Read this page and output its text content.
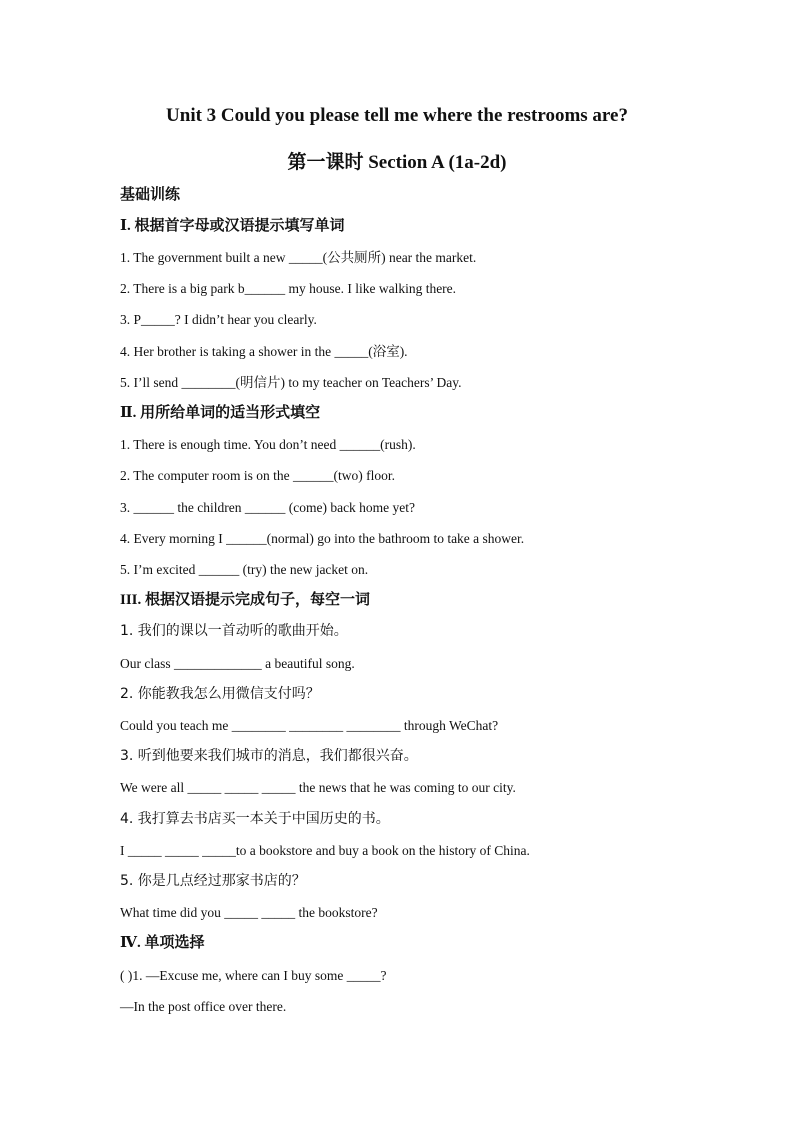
Unit 3 Could you please tell me where the restrooms are?
第一课时 Section A (1a-2d)
基础训练
Ⅰ. 根据首字母或汉语提示填写单词
1. The government built a new _____(公共厕所) near the market.
2. There is a big park b______ my house. I like walking there.
3. P_____? I didn’t hear you clearly.
4. Her brother is taking a shower in the _____(浴室).
5. I’ll send ________(明信片) to my teacher on Teachers’ Day.
Ⅱ. 用所给单词的适当形式填空
1. There is enough time. You don’t need ______(rush).
2. The computer room is on the ______(two) floor.
3. ______ the children ______ (come) back home yet?
4. Every morning I ______(normal) go into the bathroom to take a shower.
5. I’m excited ______ (try) the new jacket on.
III. 根据汉语提示完成句子，每空一词
1. 我们的课以一首动听的歌曲开始。
Our class _____________ a beautiful song.
2. 你能教我怎么用微信支付吗？
Could you teach me ________ ________ ________ through WeChat?
3. 听到他要来我们城市的消息，我们都很兴奋。
We were all _____ _____ _____ the news that he was coming to our city.
4. 我打算去书店买一本关于中国历史的书。
I _____ _____ _____to a bookstore and buy a book on the history of China.
5. 你是几点经过那家书店的？
What time did you _____ _____ the bookstore?
Ⅳ. 单项选择
( )1. —Excuse me, where can I buy some _____?
—In the post office over there.
